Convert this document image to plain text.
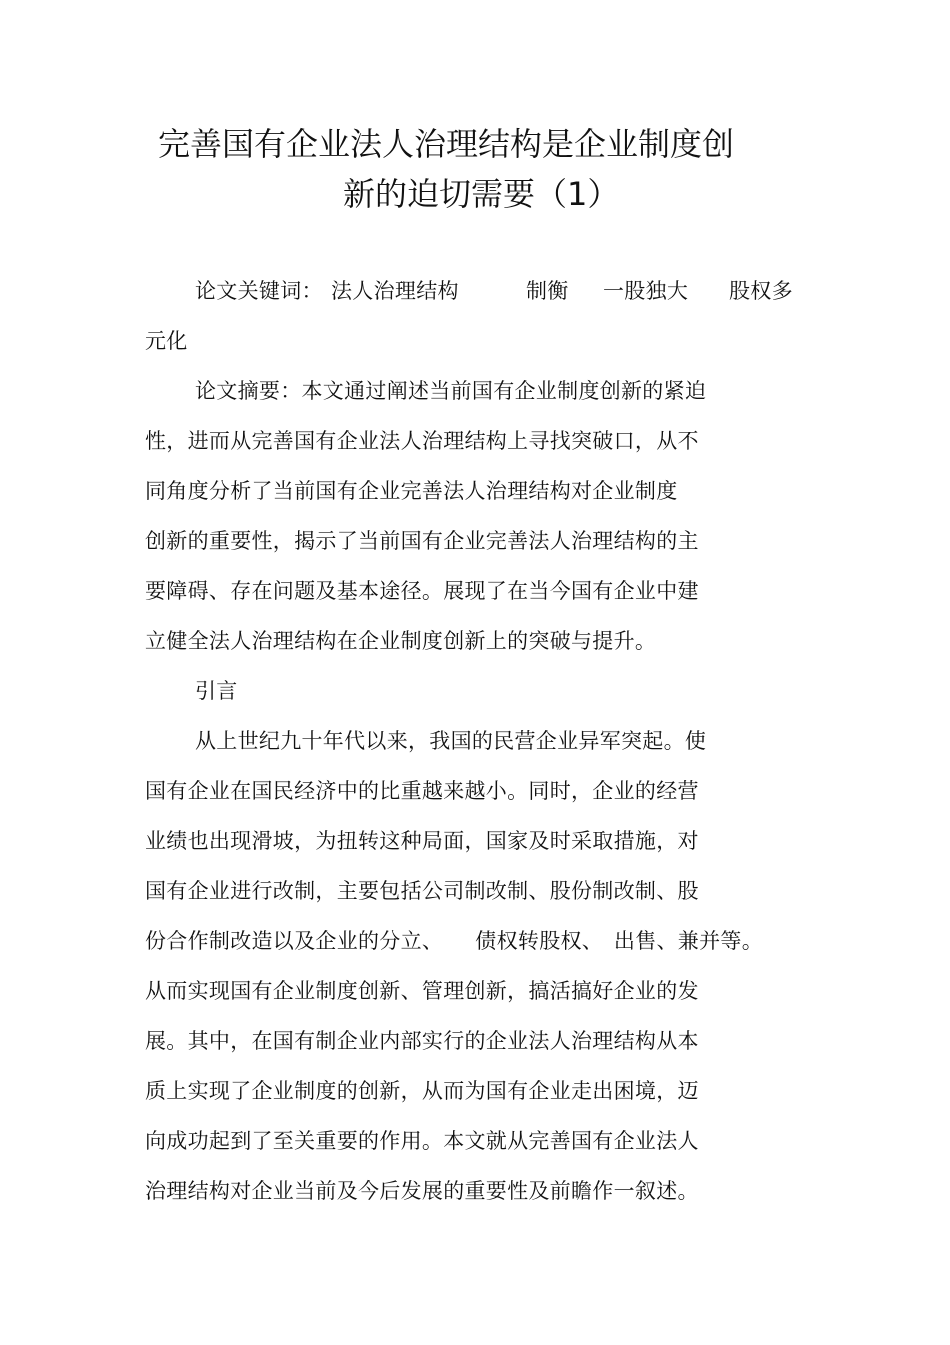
完善国有企业法人治理结构是企业制度创
新的迫切需要（1）
论文关键词： 法人治理结构	制衡 一股独大 股权多
元化
论文摘要：本文通过阐述当前国有企业制度创新的紧迫
性，进而从完善国有企业法人治理结构上寻找突破口，从不
同角度分析了当前国有企业完善法人治理结构对企业制度
创新的重要性，揭示了当前国有企业完善法人治理结构的主
要障碍、存在问题及基本途径。展现了在当今国有企业中建
立健全法人治理结构在企业制度创新上的突破与提升。
引言
从上世纪九十年代以来，我国的民营企业异军突起。使
国有企业在国民经济中的比重越来越小。同时，企业的经营
业绩也出现滑坡，为扭转这种局面，国家及时采取措施，对
国有企业进行改制，主要包括公司制改制、股份制改制、股
份合作制改造以及企业的分立、　　债权转股权、　出售、兼并等。
从而实现国有企业制度创新、管理创新，搞活搞好企业的发
展。其中，在国有制企业内部实行的企业法人治理结构从本
质上实现了企业制度的创新，从而为国有企业走出困境，迈
向成功起到了至关重要的作用。本文就从完善国有企业法人
治理结构对企业当前及今后发展的重要性及前瞻作一叙述。
